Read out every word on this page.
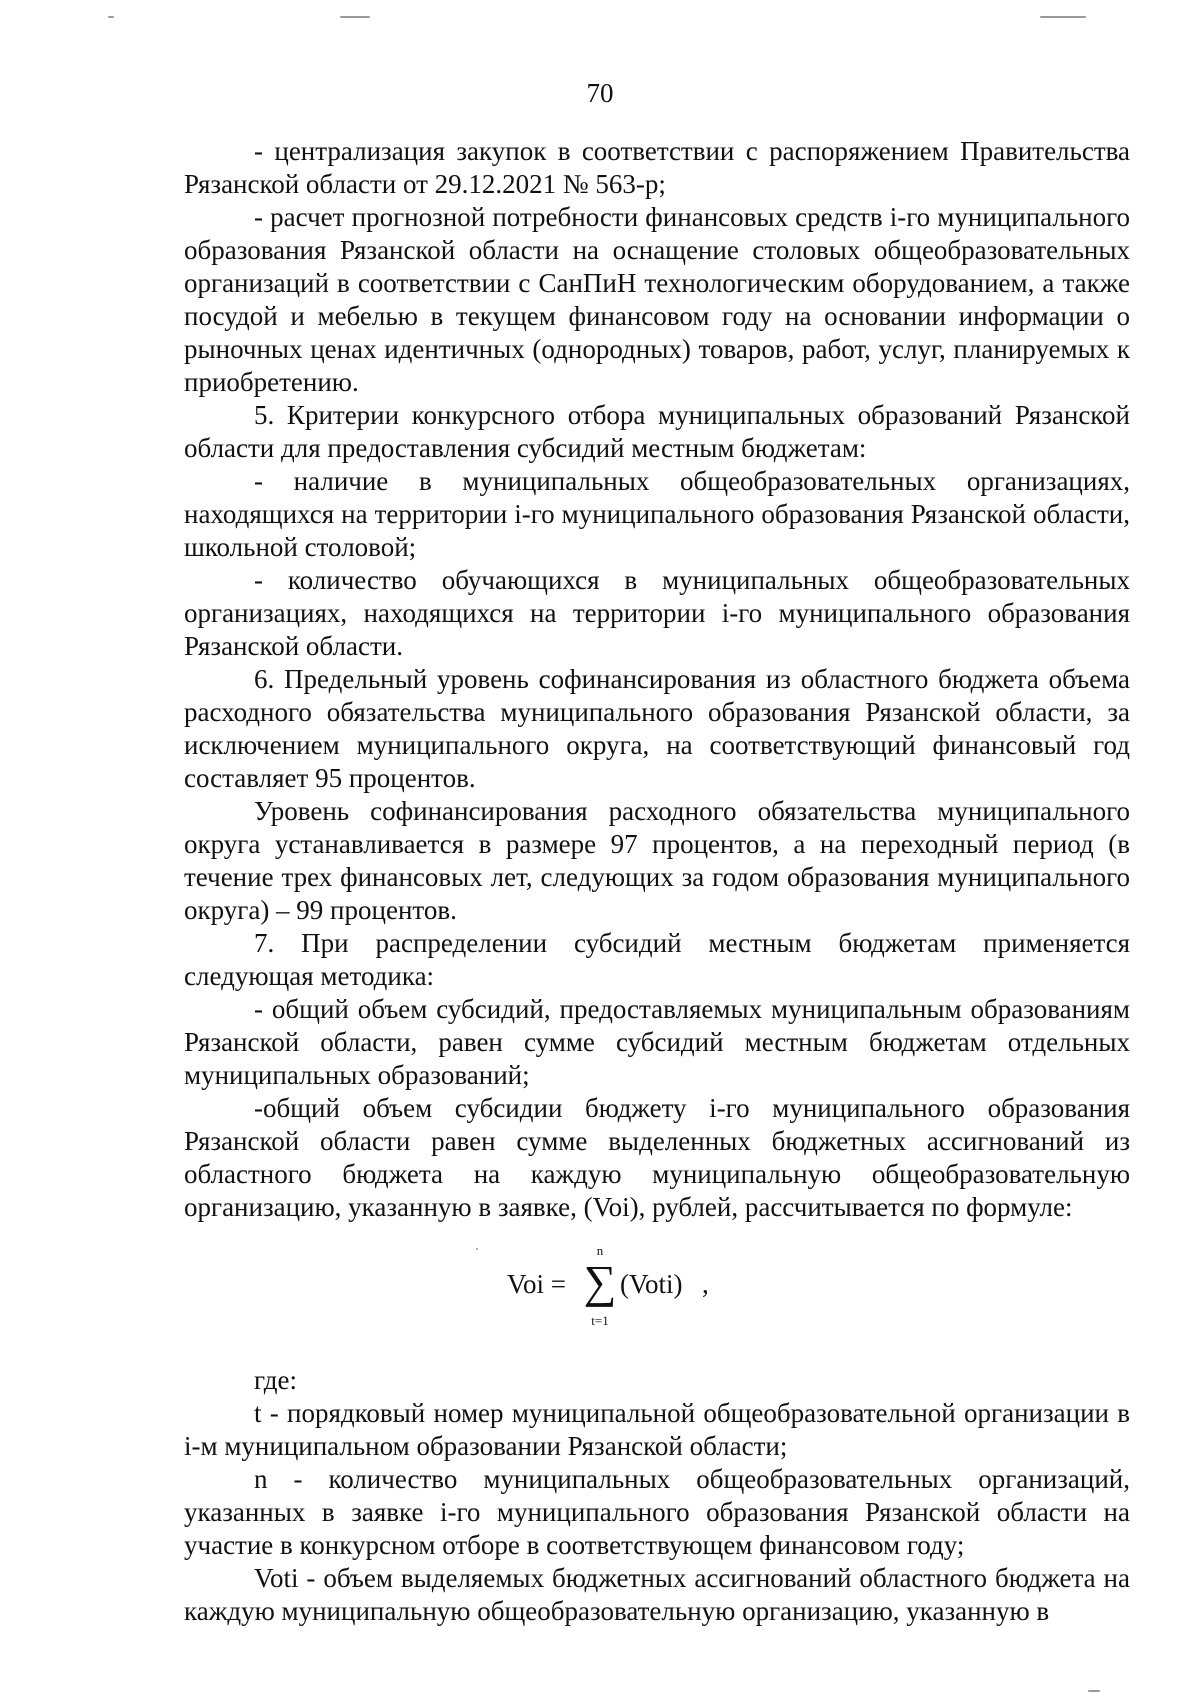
70

- централизация закупок в соответствии с распоряжением Правительства Рязанской области от 29.12.2021 № 563-р;

- расчет прогнозной потребности финансовых средств i-го муниципального образования Рязанской области на оснащение столовых общеобразовательных организаций в соответствии с СанПиН технологическим оборудованием, а также посудой и мебелью в текущем финансовом году на основании информации о рыночных ценах идентичных (однородных) товаров, работ, услуг, планируемых к приобретению.

5. Критерии конкурсного отбора муниципальных образований Рязанской области для предоставления субсидий местным бюджетам:

- наличие в муниципальных общеобразовательных организациях, находящихся на территории i-го муниципального образования Рязанской области, школьной столовой;

- количество обучающихся в муниципальных общеобразовательных организациях, находящихся на территории i-го муниципального образования Рязанской области.

6. Предельный уровень софинансирования из областного бюджета объема расходного обязательства муниципального образования Рязанской области, за исключением муниципального округа, на соответствующий финансовый год составляет 95 процентов.

Уровень софинансирования расходного обязательства муниципального округа устанавливается в размере 97 процентов, а на переходный период (в течение трех финансовых лет, следующих за годом образования муниципального округа) – 99 процентов.

7. При распределении субсидий местным бюджетам применяется следующая методика:

- общий объем субсидий, предоставляемых муниципальным образованиям Рязанской области, равен сумме субсидий местным бюджетам отдельных муниципальных образований;

-общий объем субсидии бюджету i-го муниципального образования Рязанской области равен сумме выделенных бюджетных ассигнований из областного бюджета на каждую муниципальную общеобразовательную организацию, указанную в заявке, (Voi), рублей, рассчитывается по формуле:

Voi =
n
∑
t=1
(Voti) ,

где:

t - порядковый номер муниципальной общеобразовательной организации в i-м муниципальном образовании Рязанской области;

n - количество муниципальных общеобразовательных организаций, указанных в заявке i-го муниципального образования Рязанской области на участие в конкурсном отборе в соответствующем финансовом году;

Voti - объем выделяемых бюджетных ассигнований областного бюджета на каждую муниципальную общеобразовательную организацию, указанную в
